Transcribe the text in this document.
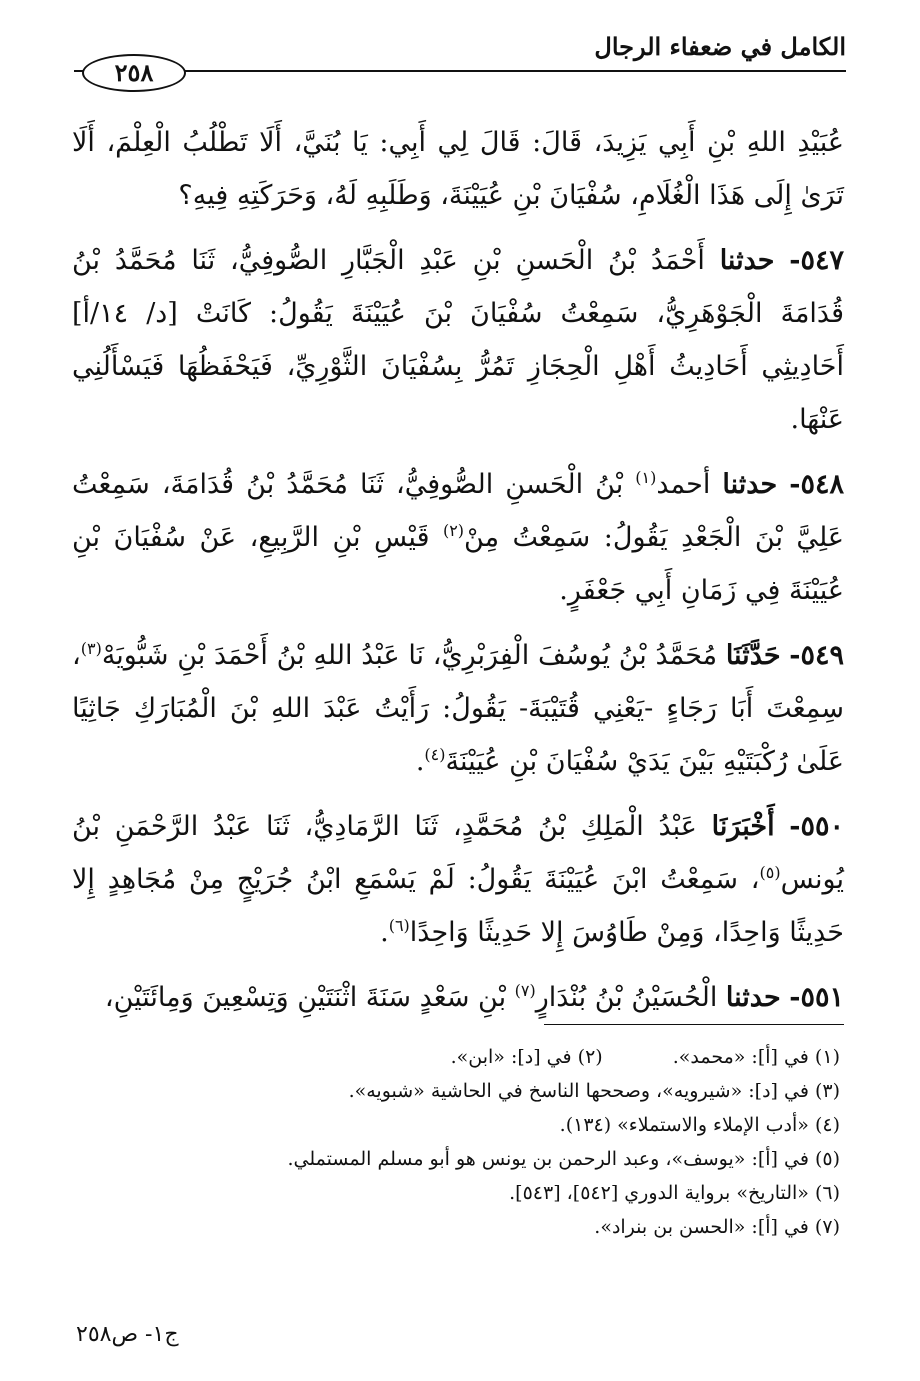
الكامل في ضعفاء الرجال
٢٥٨

عُبَيْدِ اللهِ بْنِ أَبِي يَزِيدَ، قَالَ: قَالَ لِي أَبِي: يَا بُنَيَّ، أَلَا تَطْلُبُ الْعِلْمَ، أَلَا تَرَىٰ إِلَى هَذَا الْغُلَامِ، سُفْيَانَ بْنِ عُيَيْنَةَ، وَطَلَبِهِ لَهُ، وَحَرَكَتِهِ فِيهِ؟

٥٤٧- حدثنا أَحْمَدُ بْنُ الْحَسنِ بْنِ عَبْدِ الْجَبَّارِ الصُّوفِيُّ، ثَنَا مُحَمَّدُ بْنُ قُدَامَةَ الْجَوْهَرِيُّ، سَمِعْتُ سُفْيَانَ بْنَ عُيَيْنَةَ يَقُولُ: كَانَتْ [د/ ١٤/أ] أَحَادِيثِي أَحَادِيثُ أَهْلِ الْحِجَازِ تَمُرُّ بِسُفْيَانَ الثَّوْرِيِّ، فَيَحْفَظُهَا فَيَسْأَلُنِي عَنْهَا.

٥٤٨- حدثنا أحمد$^{(١)}$ بْنُ الْحَسنِ الصُّوفِيُّ، ثَنَا مُحَمَّدُ بْنُ قُدَامَةَ، سَمِعْتُ عَلِيَّ بْنَ الْجَعْدِ يَقُولُ: سَمِعْتُ مِنْ$^{(٢)}$ قَيْسِ بْنِ الرَّبِيعِ، عَنْ سُفْيَانَ بْنِ عُيَيْنَةَ فِي زَمَانِ أَبِي جَعْفَرٍ.

٥٤٩- حَدَّثَنَا مُحَمَّدُ بْنُ يُوسُفَ الْفِرَبْرِيُّ، نَا عَبْدُ اللهِ بْنُ أَحْمَدَ بْنِ شَبُّويَهْ$^{(٣)}$، سِمِعْتَ أَبَا رَجَاءٍ -يَعْنِي قُتَيْبَةَ- يَقُولُ: رَأَيْتُ عَبْدَ اللهِ بْنَ الْمُبَارَكِ جَاثِيًا عَلَىٰ رُكْبَتَيْهِ بَيْنَ يَدَيْ سُفْيَانَ بْنِ عُيَيْنَةَ$^{(٤)}$.

٥٥٠- أَخْبَرَنَا عَبْدُ الْمَلِكِ بْنُ مُحَمَّدٍ، ثَنَا الرَّمَادِيُّ، ثَنَا عَبْدُ الرَّحْمَنِ بْنُ يُونس$^{(٥)}$، سَمِعْتُ ابْنَ عُيَيْنَةَ يَقُولُ: لَمْ يَسْمَعِ ابْنُ جُرَيْجٍ مِنْ مُجَاهِدٍ إِلا حَدِيثًا وَاحِدًا، وَمِنْ طَاوُسَ إِلا حَدِيثًا وَاحِدًا$^{(٦)}$.

٥٥١- حدثنا الْحُسَيْنُ بْنُ بُنْدَارٍ$^{(٧)}$ بْنِ سَعْدٍ سَنَةَ اثْنَتَيْنِ وَتِسْعِينَ وَمِائَتَيْنِ،

(١) في [أ]: «محمد».
(٢) في [د]: «ابن».
(٣) في [د]: «شيرويه»، وصححها الناسخ في الحاشية «شبويه».
(٤) «أدب الإملاء والاستملاء» (١٣٤).
(٥) في [أ]: «يوسف»، وعبد الرحمن بن يونس هو أبو مسلم المستملي.
(٦) «التاريخ» برواية الدوري [٥٤٢]، [٥٤٣].
(٧) في [أ]: «الحسن بن بنراد».
ج١- ص٢٥٨
